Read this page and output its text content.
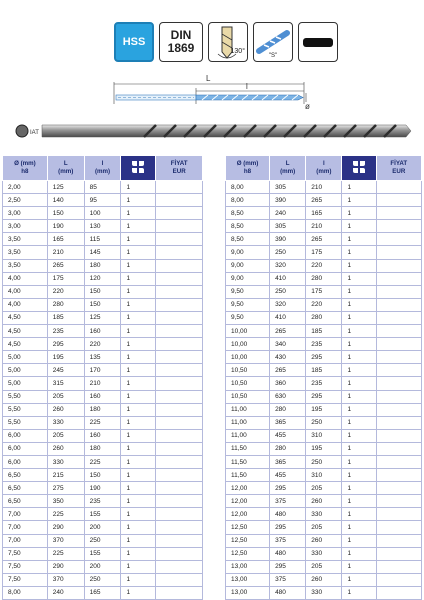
HSS DIN
1869	130°
"S"
L
l
ø
IAT
Ø (mm)
h8	L
(mm)	l
(mm)		FİYAT
EUR
2,00	125	85	1	
2,50	140	95	1	
3,00	150	100	1	
3,00	190	130	1	
3,50	165	115	1	
3,50	210	145	1	
3,50	265	180	1	
4,00	175	120	1	
4,00	220	150	1	
4,00	280	150	1	
4,50	185	125	1	
4,50	235	160	1	
4,50	295	220	1	
5,00	195	135	1	
5,00	245	170	1	
5,00	315	210	1	
5,50	205	160	1	
5,50	260	180	1	
5,50	330	225	1	
6,00	205	160	1	
6,00	260	180	1	
6,00	330	225	1	
6,50	215	150	1	
6,50	275	190	1	
6,50	350	235	1	
7,00	225	155	1	
7,00	290	200	1	
7,00	370	250	1	
7,50	225	155	1	
7,50	290	200	1	
7,50	370	250	1	
8,00	240	165	1	
Ø (mm)
h8	L
(mm)	l
(mm)		FİYAT
EUR
8,00	305	210	1	
8,00	390	265	1	
8,50	240	165	1	
8,50	305	210	1	
8,50	390	265	1	
9,00	250	175	1	
9,00	320	220	1	
9,00	410	280	1	
9,50	250	175	1	
9,50	320	220	1	
9,50	410	280	1	
10,00	265	185	1	
10,00	340	235	1	
10,00	430	295	1	
10,50	265	185	1	
10,50	360	235	1	
10,50	630	295	1	
11,00	280	195	1	
11,00	365	250	1	
11,00	455	310	1	
11,50	280	195	1	
11,50	365	250	1	
11,50	455	310	1	
12,00	295	205	1	
12,00	375	260	1	
12,00	480	330	1	
12,50	295	205	1	
12,50	375	260	1	
12,50	480	330	1	
13,00	295	205	1	
13,00	375	260	1	
13,00	480	330	1	
